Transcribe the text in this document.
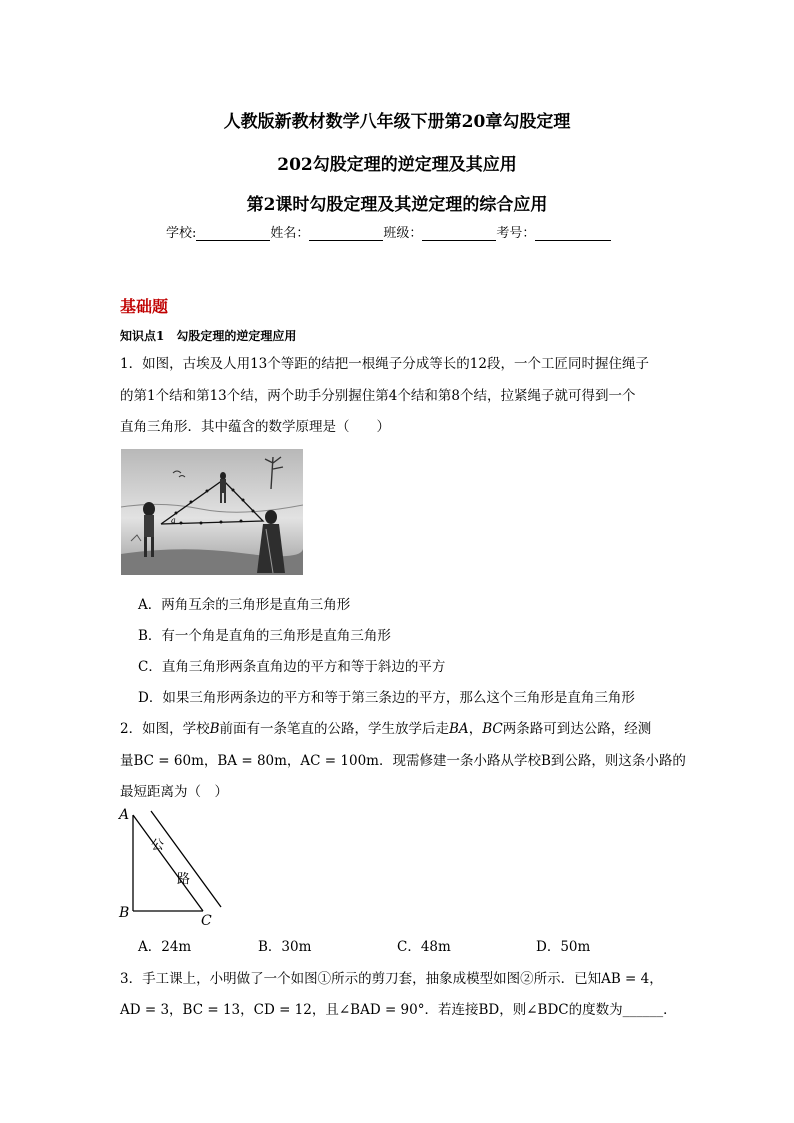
人教版新教材数学八年级下册第20章勾股定理
202勾股定理的逆定理及其应用
第2课时勾股定理及其逆定理的综合应用
学校:	姓名：	班级：	考号：
基础题
知识点1　勾股定理的逆定理应用
1．如图，古埃及人用13个等距的结把一根绳子分成等长的12段，一个工匠同时握住绳子
的第1个结和第13个结，两个助手分别握住第4个结和第8个结，拉紧绳子就可得到一个
直角三角形．其中蕴含的数学原理是（　　）
a
A．两角互余的三角形是直角三角形
B．有一个角是直角的三角形是直角三角形
C．直角三角形两条直角边的平方和等于斜边的平方
D．如果三角形两条边的平方和等于第三条边的平方，那么这个三角形是直角三角形
2．如图，学校B前面有一条笔直的公路，学生放学后走BA，BC两条路可到达公路，经测
量BC = 60m，BA = 80m，AC = 100m．现需修建一条小路从学校B到公路，则这条小路的
最短距离为（　）
A
B	C
公
路
A．24m	B．30m	C．48m	D．50m
3．手工课上，小明做了一个如图①所示的剪刀套，抽象成模型如图②所示．已知AB = 4，
AD = 3，BC = 13，CD = 12，且∠BAD = 90°．若连接BD，则∠BDC的度数为______．
